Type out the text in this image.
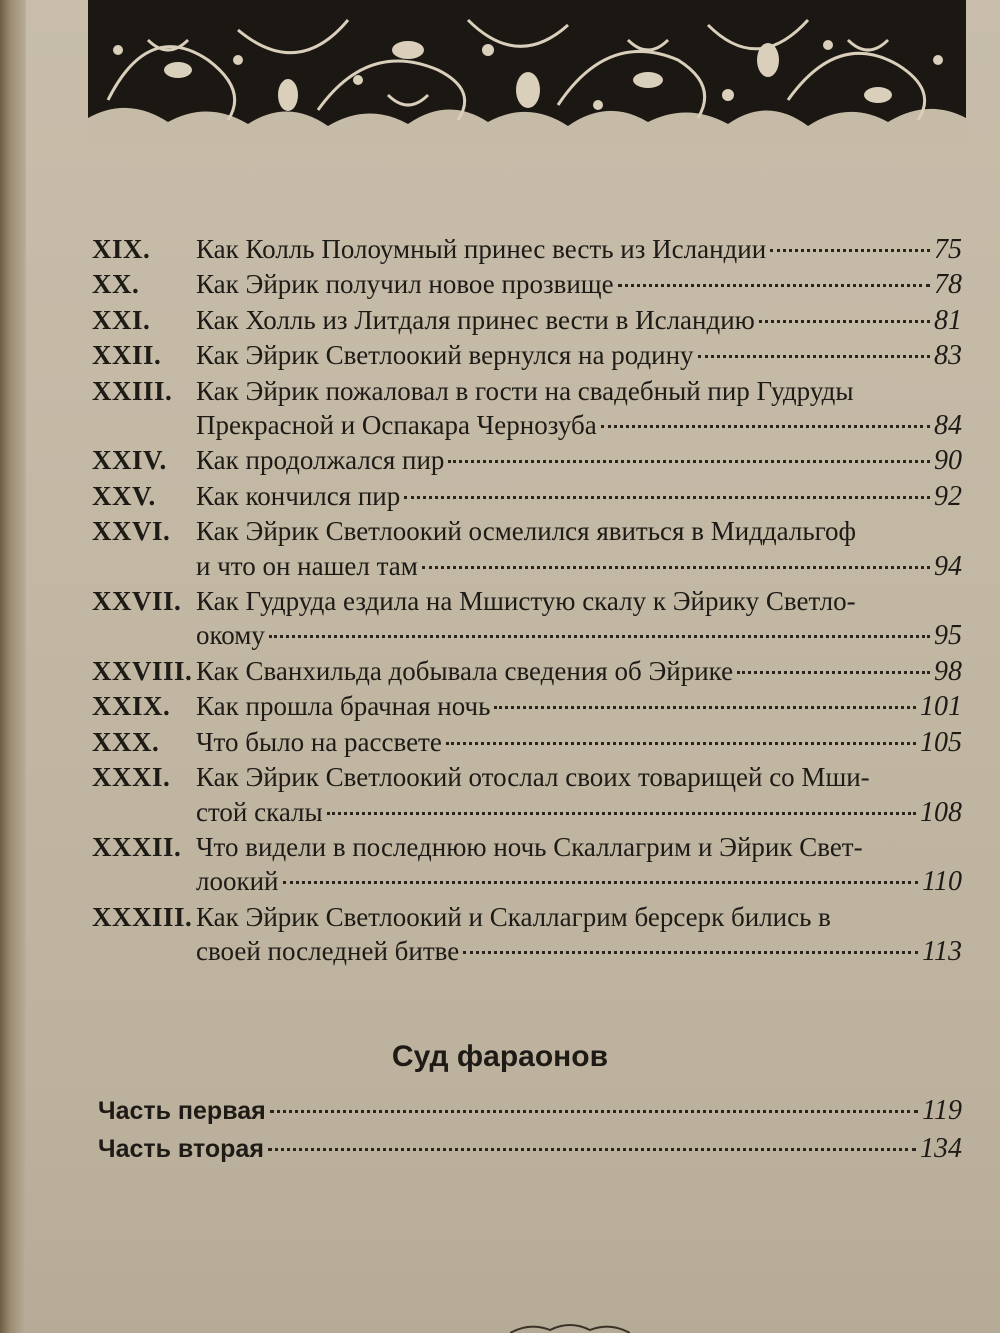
XIX.	Как Колль Полоумный принес весть из Исландии	75
XX.	Как Эйрик получил новое прозвище	78
XXI.	Как Холль из Литдаля принес вести в Исландию	81
XXII.	Как Эйрик Светлоокий вернулся на родину	83
XXIII. Как Эйрик пожаловал в гости на свадебный пир Гудруды
Прекрасной и Оспакара Чернозуба	84
XXIV.	Как продолжался пир	90
XXV.	Как кончился пир	92
XXVI. Как Эйрик Светлоокий осмелился явиться в Миддальгоф
и что он нашел там	94
XXVII. Как Гудруда ездила на Мшистую скалу к Эйрику Светло-
окому	95
XXVIII. Как Сванхильда добывала сведения об Эйрике	98
XXIX. Как прошла брачная ночь	101
XXX.	Что было на рассвете	105
XXXI. Как Эйрик Светлоокий отослал своих товарищей со Мши-
стой скалы	108
XXXII. Что видели в последнюю ночь Скаллагрим и Эйрик Свет-
лоокий	110
XXXIII. Как Эйрик Светлоокий и Скаллагрим берсерк бились в
своей последней битве	113
Суд фараонов
Часть первая	119
Часть вторая	134
